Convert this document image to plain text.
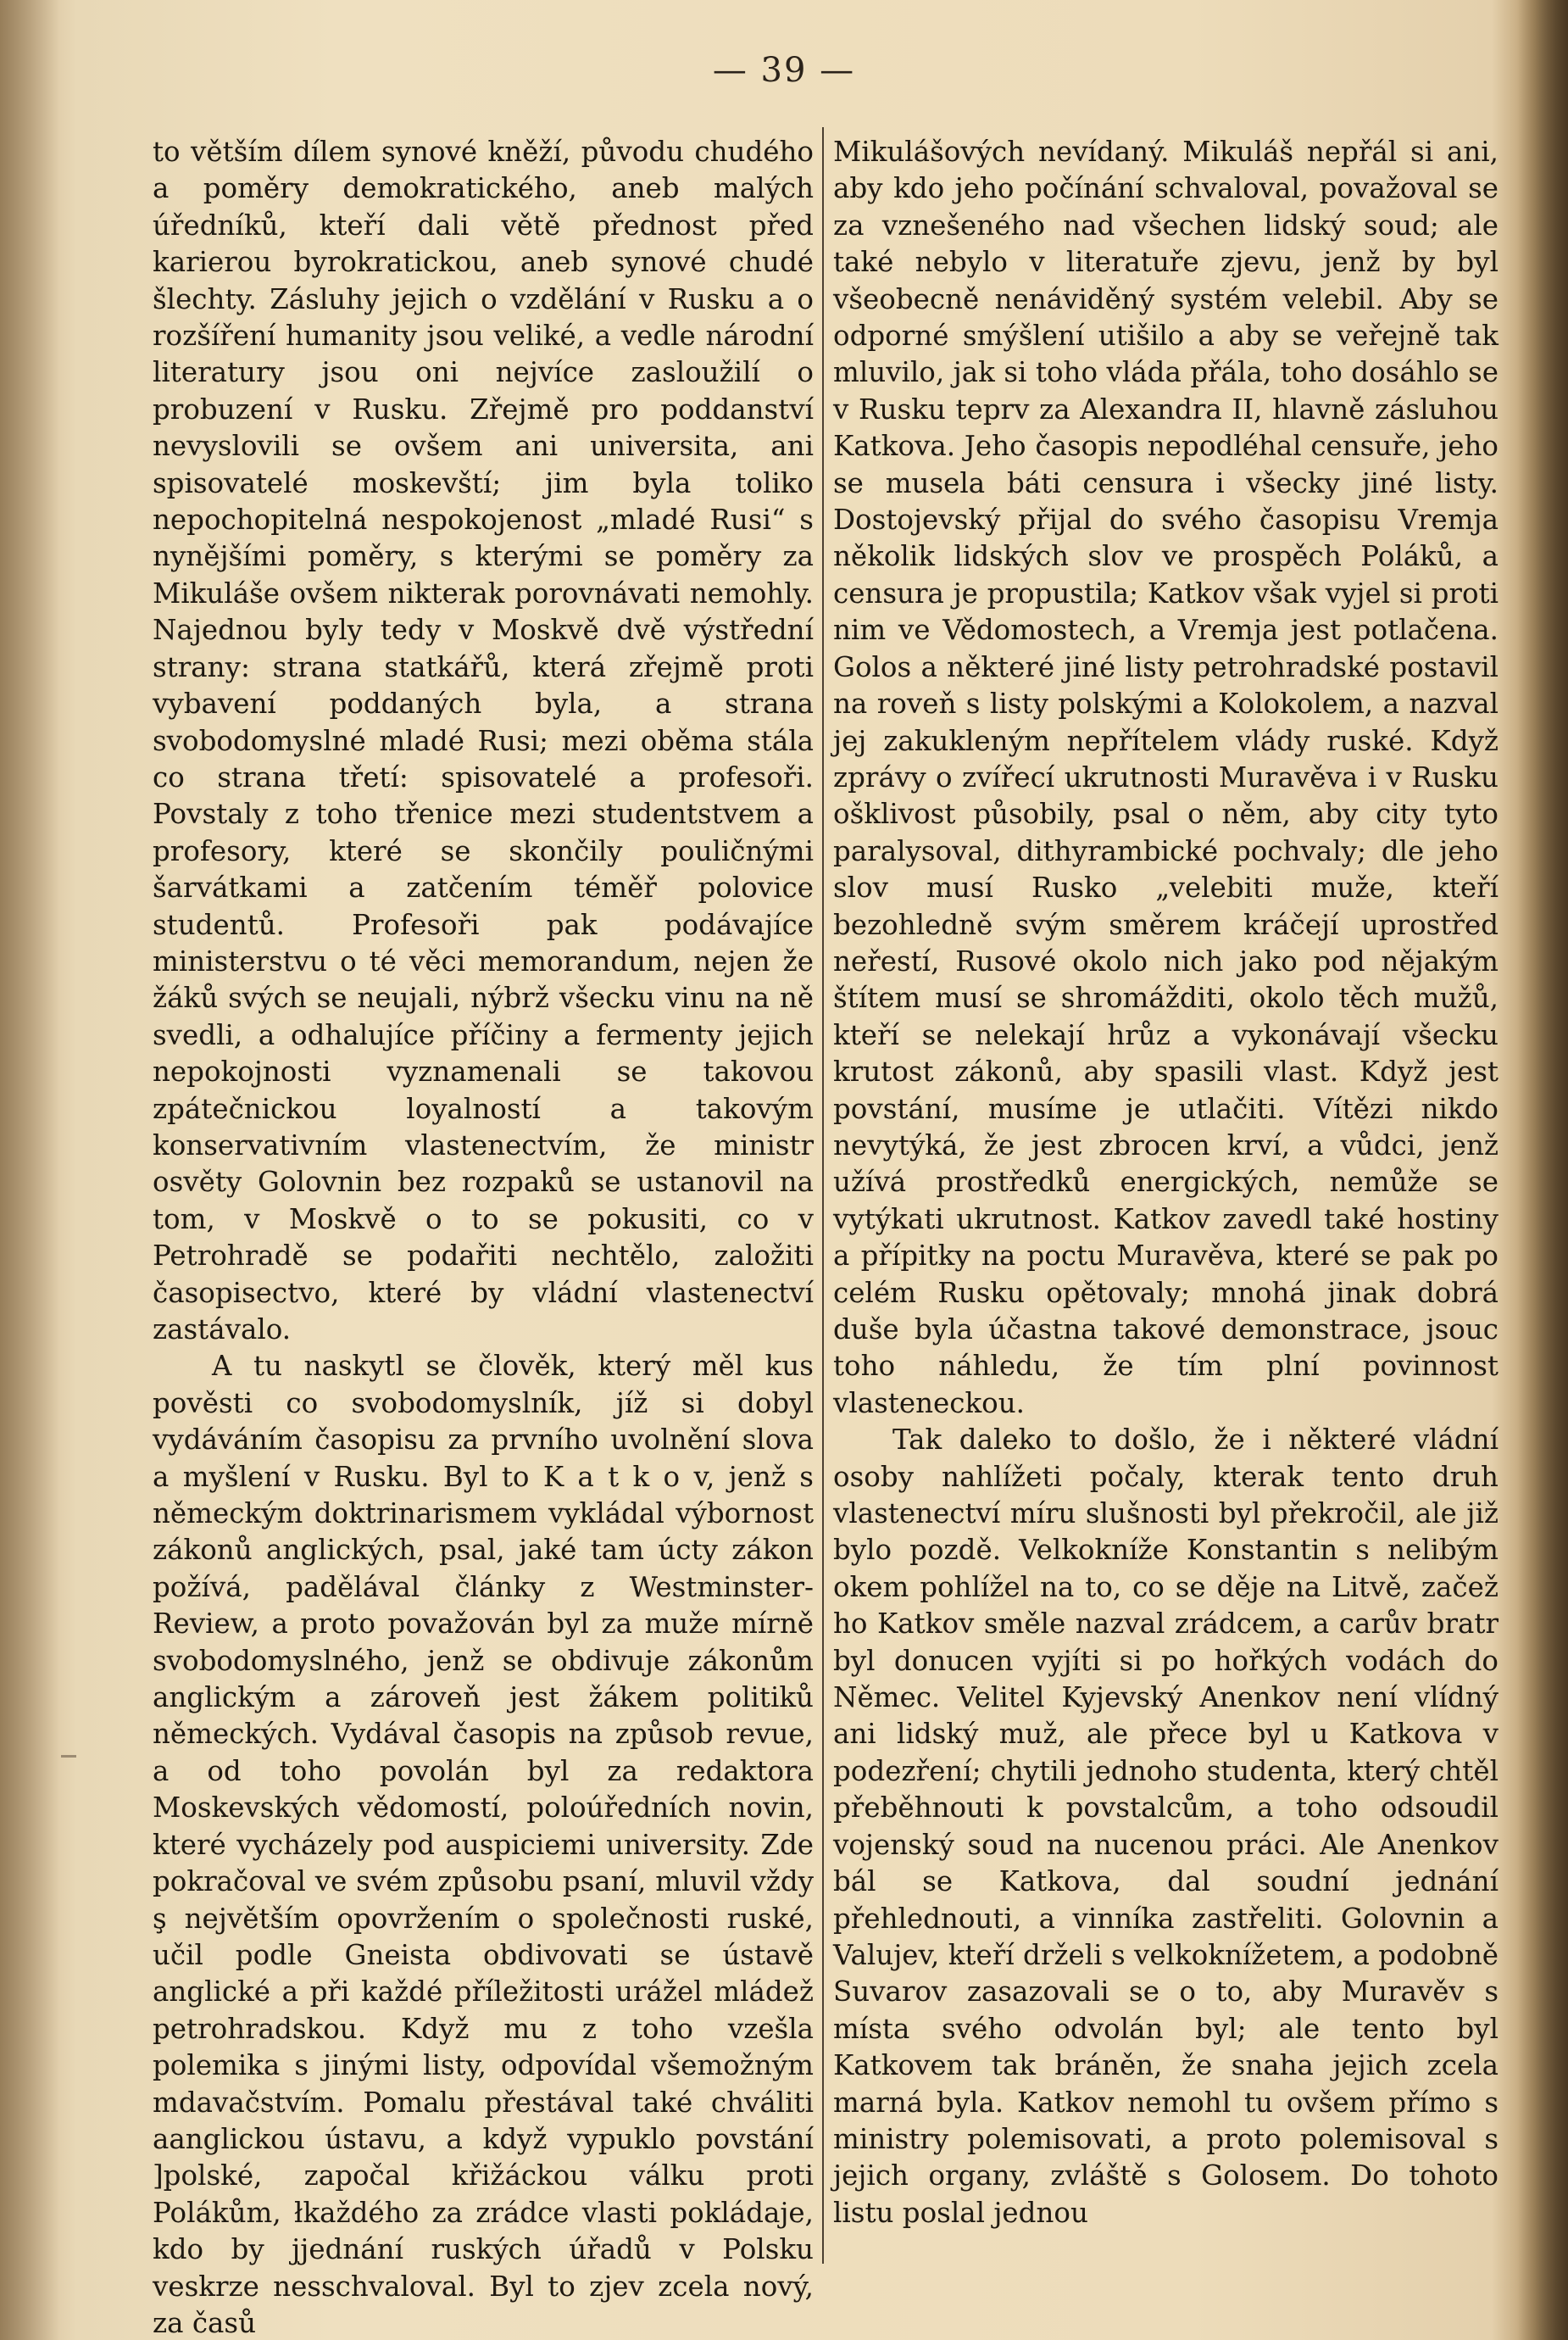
— 39 —

to větším dílem synové kněží, původu chudého a poměry demokratického, aneb malých úředníků, kteří dali větě přednost před karierou byrokratickou, aneb synové chudé šlechty. Zásluhy jejich o vzdělání v Rusku a o rozšíření humanity jsou veliké, a vedle národní literatury jsou oni nejvíce zasloužilí o probuzení v Rusku. Zřejmě pro poddanství nevyslovili se ovšem ani universita, ani spisovatelé moskevští; jim byla toliko nepochopitelná nespokojenost „mladé Rusi“ s nynějšími poměry, s kterými se poměry za Mikuláše ovšem nikterak porovnávati nemohly. Najednou byly tedy v Moskvě dvě výstřední strany: strana statkářů, která zřejmě proti vybavení poddaných byla, a strana svobodomyslné mladé Rusi; mezi oběma stála co strana třetí: spisovatelé a profesoři. Povstaly z toho třenice mezi studentstvem a profesory, které se skončily pouličnými šarvátkami a zatčením téměř polovice studentů. Profesoři pak podávajíce ministerstvu o té věci memorandum, nejen že žáků svých se neujali, nýbrž všecku vinu na ně svedli, a odhalujíce příčiny a fermenty jejich nepokojnosti vyznamenali se takovou zpátečnickou loyalností a takovým konservativním vlastenectvím, že ministr osvěty Golovnin bez rozpaků se ustanovil na tom, v Moskvě o to se pokusiti, co v Petrohradě se podařiti nechtělo, založiti časopisectvo, které by vládní vlastenectví zastávalo.

A tu naskytl se člověk, který měl kus pověsti co svobodomyslník, jíž si dobyl vydáváním časopisu za prvního uvolnění slova a myšlení v Rusku. Byl to K a t k o v, jenž s německým doktrinarismem vykládal výbornost zákonů anglických, psal, jaké tam úcty zákon požívá, padělával články z Westminster-Review, a proto považován byl za muže mírně svobodomyslného, jenž se obdivuje zákonům anglickým a zároveň jest žákem politiků německých. Vydával časopis na způsob revue, a od toho povolán byl za redaktora Moskevských vědomostí, poloúředních novin, které vycházely pod auspiciemi university. Zde pokračoval ve svém způsobu psaní, mluvil vždy ş největším opovržením o společnosti ruské, učil podle Gneista obdivovati se ústavě anglické a při každé příležitosti urážel mládež petrohradskou. Když mu z toho vzešla polemika s jinými listy, odpovídal všemožným mdavačstvím. Pomalu přestával také chváliti aanglickou ústavu, a když vypuklo povstání ]polské, započal křižáckou válku proti Polákům, łkaždého za zrádce vlasti pokládaje, kdo by jjednání ruských úřadů v Polsku veskrze nesschvaloval. Byl to zjev zcela nový, za časů

Mikulášových nevídaný. Mikuláš nepřál si ani, aby kdo jeho počínání schvaloval, považoval se za vznešeného nad všechen lidský soud; ale také nebylo v literatuře zjevu, jenž by byl všeobecně nenáviděný systém velebil. Aby se odporné smýšlení utišilo a aby se veřejně tak mluvilo, jak si toho vláda přála, toho dosáhlo se v Rusku teprv za Alexandra II, hlavně zásluhou Katkova. Jeho časopis nepodléhal censuře, jeho se musela báti censura i všecky jiné listy. Dostojevský přijal do svého časopisu Vremja několik lidských slov ve prospěch Poláků, a censura je propustila; Katkov však vyjel si proti nim ve Vědomostech, a Vremja jest potlačena. Golos a některé jiné listy petrohradské postavil na roveň s listy polskými a Kolokolem, a nazval jej zakukleným nepřítelem vlády ruské. Když zprávy o zvířecí ukrutnosti Muravěva i v Rusku ošklivost působily, psal o něm, aby city tyto paralysoval, dithyrambické pochvaly; dle jeho slov musí Rusko „velebiti muže, kteří bezohledně svým směrem kráčejí uprostřed neřestí, Rusové okolo nich jako pod nějakým štítem musí se shromážditi, okolo těch mužů, kteří se nelekají hrůz a vykonávají všecku krutost zákonů, aby spasili vlast. Když jest povstání, musíme je utlačiti. Vítězi nikdo nevytýká, že jest zbrocen krví, a vůdci, jenž užívá prostředků energických, nemůže se vytýkati ukrutnost. Katkov zavedl také hostiny a přípitky na poctu Muravěva, které se pak po celém Rusku opětovaly; mnohá jinak dobrá duše byla účastna takové demonstrace, jsouc toho náhledu, že tím plní povinnost vlasteneckou.

Tak daleko to došlo, že i některé vládní osoby nahlížeti počaly, kterak tento druh vlastenectví míru slušnosti byl překročil, ale již bylo pozdě. Velkokníže Konstantin s nelibým okem pohlížel na to, co se děje na Litvě, začež ho Katkov směle nazval zrádcem, a carův bratr byl donucen vyjíti si po hořkých vodách do Němec. Velitel Kyjevský Anenkov není vlídný ani lidský muž, ale přece byl u Katkova v podezření; chytili jednoho studenta, který chtěl přeběhnouti k povstalcům, a toho odsoudil vojenský soud na nucenou práci. Ale Anenkov bál se Katkova, dal soudní jednání přehlednouti, a vinníka zastřeliti. Golovnin a Valujev, kteří drželi s velkoknížetem, a podobně Suvarov zasazovali se o to, aby Muravěv s místa svého odvolán byl; ale tento byl Katkovem tak bráněn, že snaha jejich zcela marná byla. Katkov nemohl tu ovšem přímo s ministry polemisovati, a proto polemisoval s jejich organy, zvláště s Golosem. Do tohoto listu poslal jednou
